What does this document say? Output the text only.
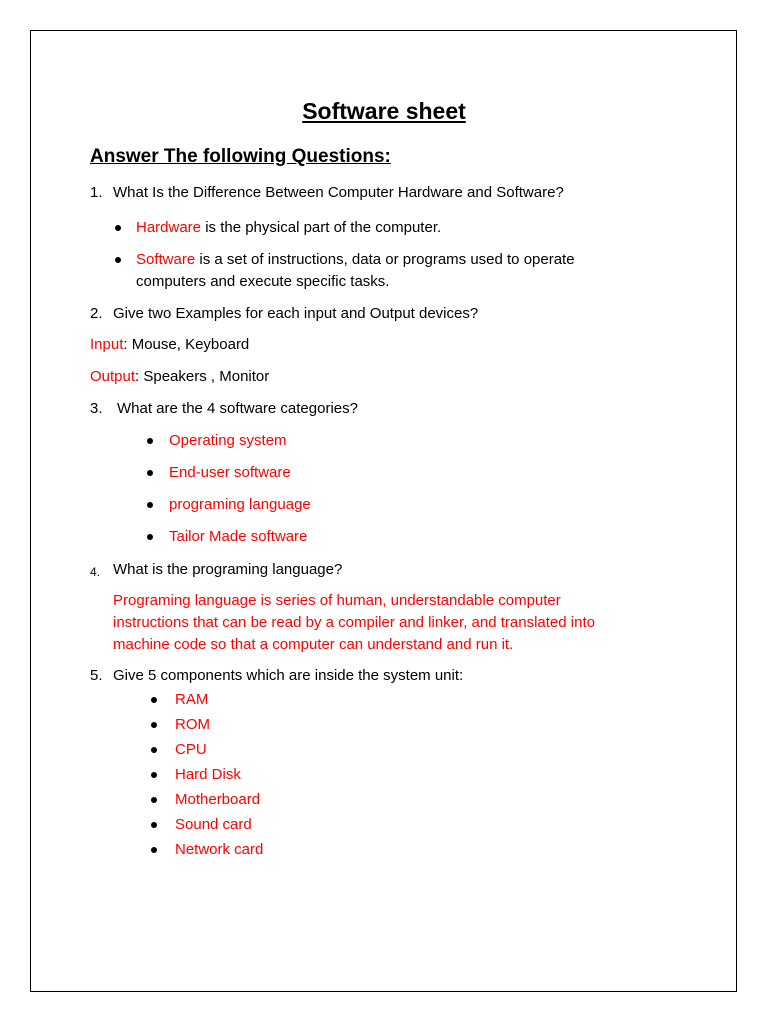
Software sheet
Answer The following Questions:
1. What Is the Difference Between Computer Hardware and Software?
Hardware is the physical part of the computer.
Software is a set of instructions, data or programs used to operate
computers and execute specific tasks.
2. Give two Examples for each input and Output devices?
Input: Mouse, Keyboard
Output: Speakers , Monitor
3. What are the 4 software categories?
Operating system
End-user software
programing language
Tailor Made software
4. What is the programing language?
Programing language is series of human, understandable computer
instructions that can be read by a compiler and linker, and translated into
machine code so that a computer can understand and run it.
5. Give 5 components which are inside the system unit:
RAM
ROM
CPU
Hard Disk
Motherboard
Sound card
Network card
